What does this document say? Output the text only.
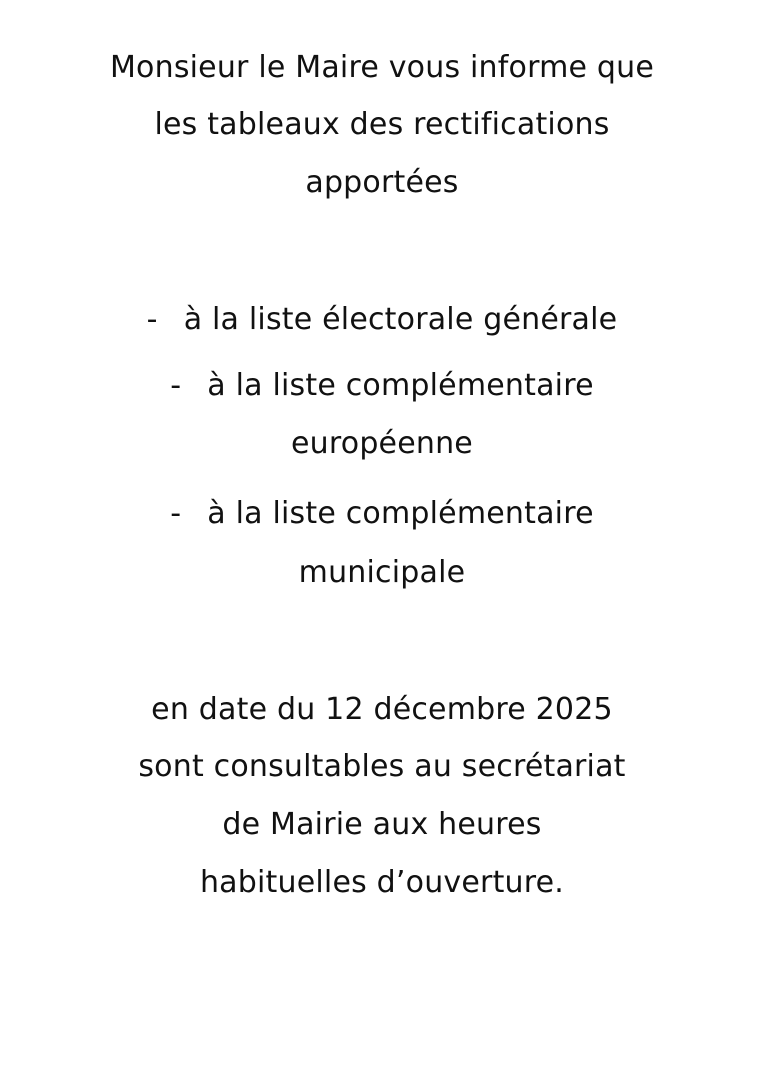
Monsieur le Maire vous informe que
les tableaux des rectifications
apportées
- à la liste électorale générale
- à la liste complémentaire
européenne
- à la liste complémentaire
municipale
en date du 12 décembre 2025
sont consultables au secrétariat
de Mairie aux heures
habituelles d’ouverture.
